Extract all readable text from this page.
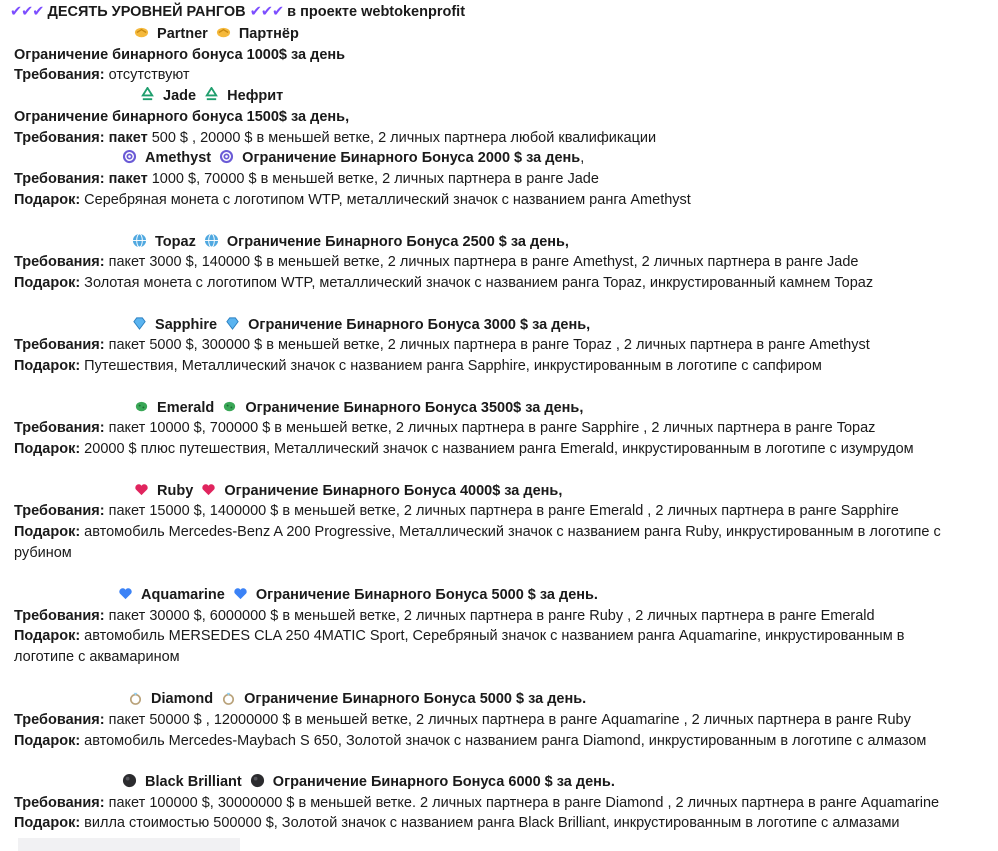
✔✔✔ ДЕСЯТЬ УРОВНЕЙ РАНГОВ ✔✔✔ в проекте webtokenprofit
Partner Партнёр
Ограничение бинарного бонуса 1000$ за день
Требования: отсутствуют
Jade Нефрит
Ограничение бинарного бонуса 1500$ за день,
Требования: пакет 500 $ , 20000 $ в меньшей ветке, 2 личных партнера любой квалификации
Amethyst Ограничение Бинарного Бонуса 2000 $ за день,
Требования: пакет 1000 $, 70000 $ в меньшей ветке, 2 личных партнера в ранге Jade
Подарок: Серебряная монета с логотипом WTP, металлический значок с названием ранга Amethyst
Topaz Ограничение Бинарного Бонуса 2500 $ за день,
Требования: пакет 3000 $, 140000 $ в меньшей ветке, 2 личных партнера в ранге Amethyst, 2 личных партнера в ранге Jade
Подарок: Золотая монета с логотипом WTP, металлический значок с названием ранга Topaz, инкрустированный камнем Topaz
Sapphire Ограничение Бинарного Бонуса 3000 $ за день,
Требования: пакет 5000 $, 300000 $ в меньшей ветке, 2 личных партнера в ранге Topaz , 2 личных партнера в ранге Amethyst
Подарок: Путешествия, Металлический значок с названием ранга Sapphire, инкрустированным в логотипе с сапфиром
Emerald Ограничение Бинарного Бонуса 3500$ за день,
Требования: пакет 10000 $, 700000 $ в меньшей ветке, 2 личных партнера в ранге Sapphire , 2 личных партнера в ранге Topaz
Подарок: 20000 $ плюс путешествия, Металлический значок с названием ранга Emerald, инкрустированным в логотипе с изумрудом
Ruby Ограничение Бинарного Бонуса 4000$ за день,
Требования: пакет 15000 $, 1400000 $ в меньшей ветке, 2 личных партнера в ранге Emerald , 2 личных партнера в ранге Sapphire
Подарок: автомобиль Mercedes-Benz A 200 Progressive, Металлический значок с названием ранга Ruby, инкрустированным в логотипе с
рубином
Aquamarine Ограничение Бинарного Бонуса 5000 $ за день.
Требования: пакет 30000 $, 6000000 $ в меньшей ветке, 2 личных партнера в ранге Ruby , 2 личных партнера в ранге Emerald
Подарок: автомобиль MERSEDES CLA 250 4MATIC Sport, Серебряный значок с названием ранга Aquamarine, инкрустированным в
логотипе с аквамарином
Diamond Ограничение Бинарного Бонуса 5000 $ за день.
Требования: пакет 50000 $ , 12000000 $ в меньшей ветке, 2 личных партнера в ранге Aquamarine , 2 личных партнера в ранге Ruby
Подарок: автомобиль Mercedes-Maybach S 650, Золотой значок с названием ранга Diamond, инкрустированным в логотипе с алмазом
Black Brilliant Ограничение Бинарного Бонуса 6000 $ за день.
Требования: пакет 100000 $, 30000000 $ в меньшей ветке. 2 личных партнера в ранге Diamond , 2 личных партнера в ранге Aquamarine
Подарок: вилла стоимостью 500000 $, Золотой значок с названием ранга Black Brilliant, инкрустированным в логотипе с алмазами
